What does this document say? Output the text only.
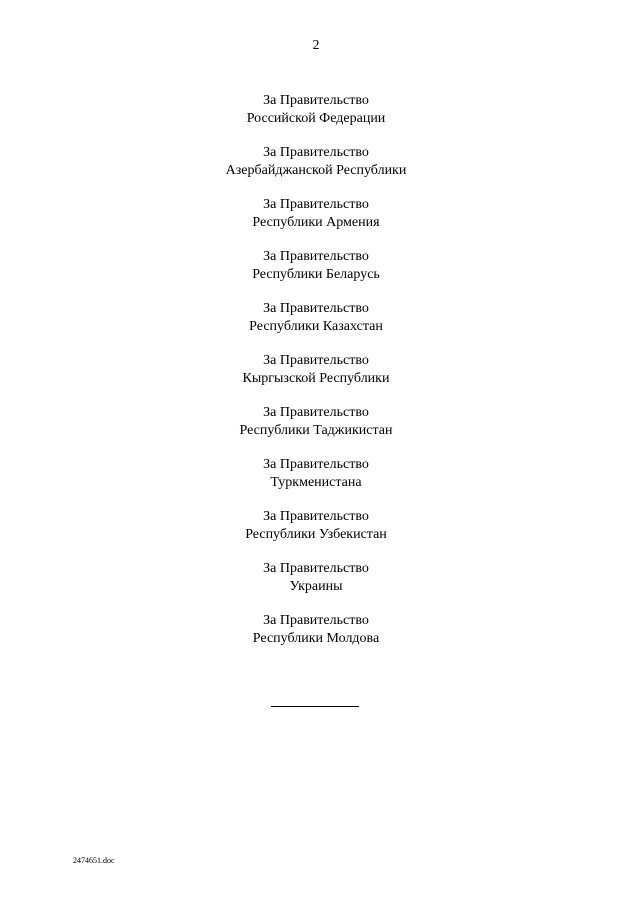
2
За Правительство
Российской Федерации
За Правительство
Азербайджанской Республики
За Правительство
Республики Армения
За Правительство
Республики Беларусь
За Правительство
Республики Казахстан
За Правительство
Кыргызской Республики
За Правительство
Республики Таджикистан
За Правительство
Туркменистана
За Правительство
Республики Узбекистан
За Правительство
Украины
За Правительство
Республики Молдова
2474651.doc
